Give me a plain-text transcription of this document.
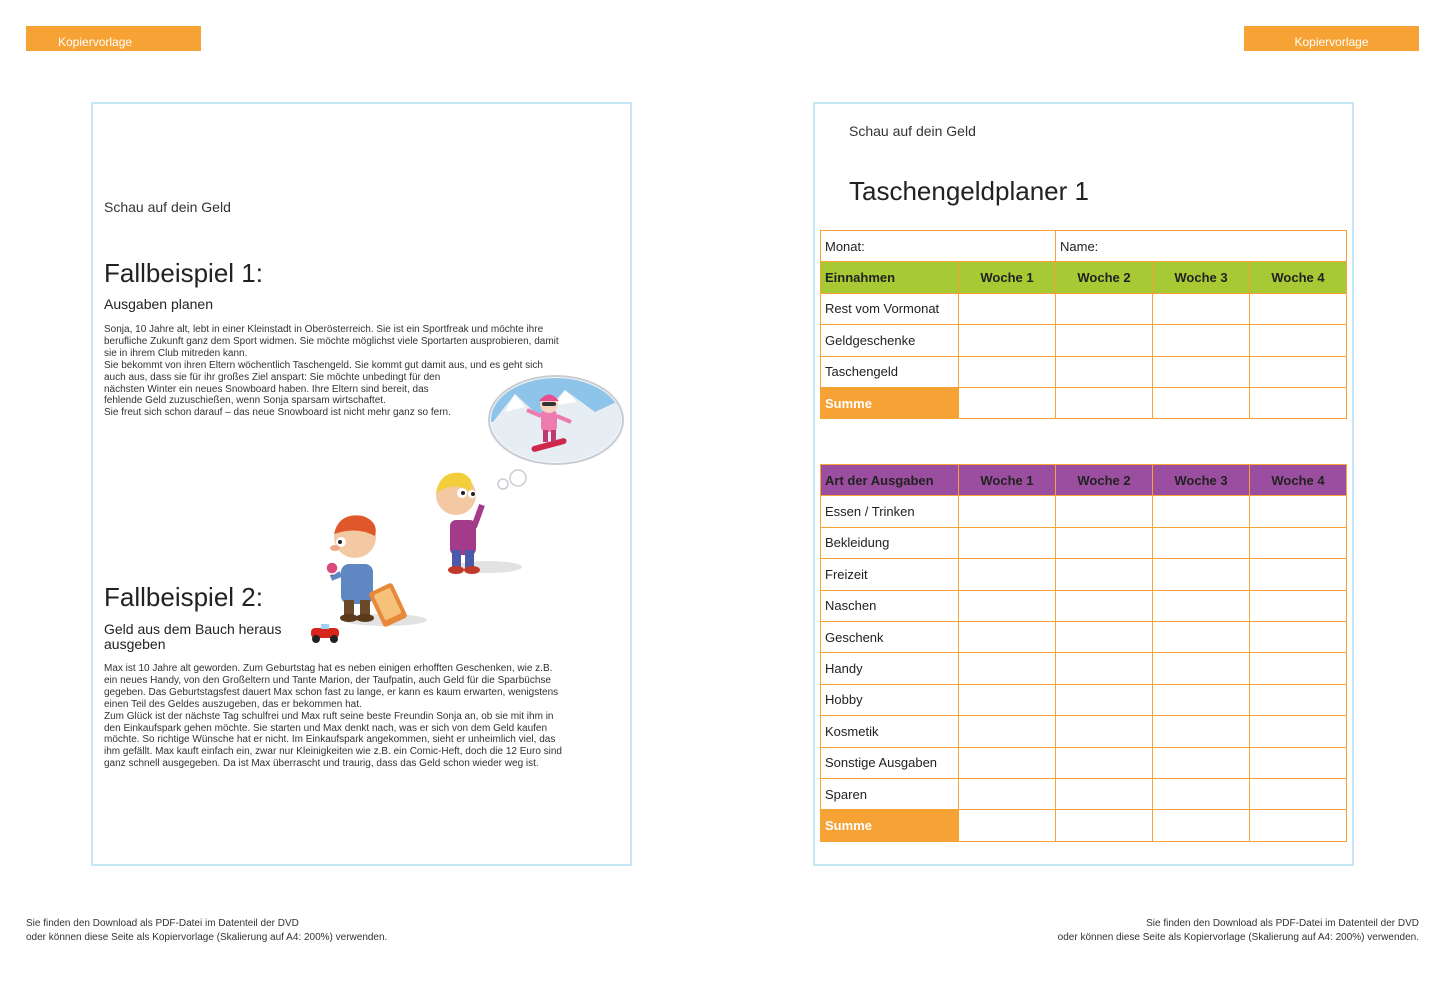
Kopiervorlage	Kopiervorlage
Schau auf dein Geld
Fallbeispiel 1:
Ausgaben planen
Sonja, 10 Jahre alt, lebt in einer Kleinstadt in Oberösterreich. Sie ist ein Sportfreak und möchte ihre
berufliche Zukunft ganz dem Sport widmen. Sie möchte möglichst viele Sportarten ausprobieren, damit
sie in ihrem Club mitreden kann.
Sie bekommt von ihren Eltern wöchentlich Taschengeld. Sie kommt gut damit aus, und es geht sich
auch aus, dass sie für ihr großes Ziel anspart: Sie möchte unbedingt für den
nächsten Winter ein neues Snowboard haben. Ihre Eltern sind bereit, das
fehlende Geld zuzuschießen, wenn Sonja sparsam wirtschaftet.
Sie freut sich schon darauf – das neue Snowboard ist nicht mehr ganz so fern.
Fallbeispiel 2:
Geld aus dem Bauch heraus
ausgeben
Max ist 10 Jahre alt geworden. Zum Geburtstag hat es neben einigen erhofften Geschenken, wie z.B.
ein neues Handy, von den Großeltern und Tante Marion, der Taufpatin, auch Geld für die Sparbüchse
gegeben. Das Geburtstagsfest dauert Max schon fast zu lange, er kann es kaum erwarten, wenigstens
einen Teil des Geldes auszugeben, das er bekommen hat.
Zum Glück ist der nächste Tag schulfrei und Max ruft seine beste Freundin Sonja an, ob sie mit ihm in
den Einkaufspark gehen möchte. Sie starten und Max denkt nach, was er sich von dem Geld kaufen
möchte. So richtige Wünsche hat er nicht. Im Einkaufspark angekommen, sieht er unheimlich viel, das
ihm gefällt. Max kauft einfach ein, zwar nur Kleinigkeiten wie z.B. ein Comic-Heft, doch die 12 Euro sind
ganz schnell ausgegeben. Da ist Max überrascht und traurig, dass das Geld schon wieder weg ist.
Schau auf dein Geld
Taschengeldplaner 1
Monat:		Name:		
Einnahmen	Woche 1	Woche 2	Woche 3	Woche 4
Rest vom Vormonat				
Geldgeschenke				
Taschengeld				
Summe				
Art der Ausgaben	Woche 1	Woche 2	Woche 3	Woche 4
Essen / Trinken				
Bekleidung				
Freizeit				
Naschen				
Geschenk				
Handy				
Hobby				
Kosmetik				
Sonstige Ausgaben				
Sparen				
Summe				
Sie finden den Download als PDF-Datei im Datenteil der DVD
oder können diese Seite als Kopiervorlage (Skalierung auf A4: 200%) verwenden.
Sie finden den Download als PDF-Datei im Datenteil der DVD
oder können diese Seite als Kopiervorlage (Skalierung auf A4: 200%) verwenden.
